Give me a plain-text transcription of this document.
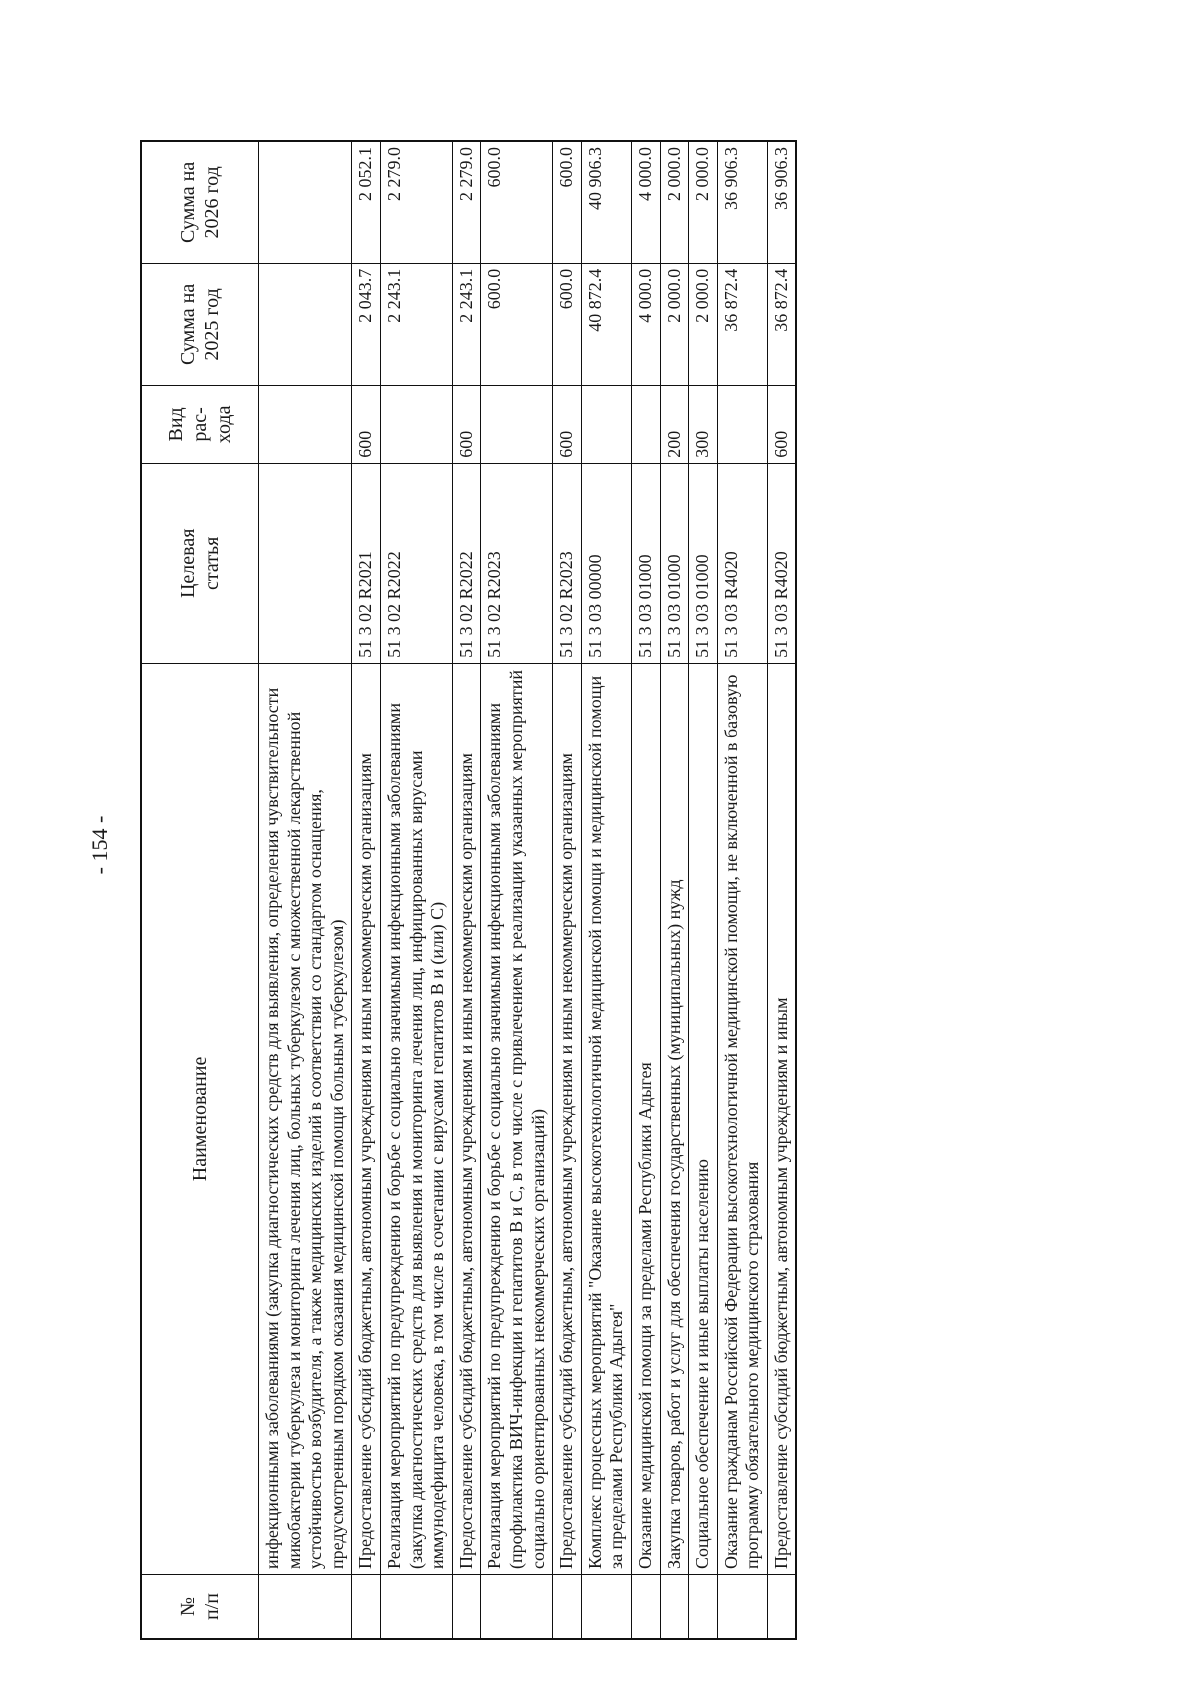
- 154 -
№ п/п	Наименование	Целевая статья	Вид рас- хода	Сумма на 2025 год	Сумма на 2026 год
	инфекционными заболеваниями (закупка диагностических средств для выявления, определения чувствительности микобактерии туберкулеза и мониторинга лечения лиц, больных туберкулезом с множественной лекарственной устойчивостью возбудителя, а также медицинских изделий в соответствии со стандартом оснащения, предусмотренным порядком оказания медицинской помощи больным туберкулезом)				
	Предоставление субсидий бюджетным, автономным учреждениям и иным некоммерческим организациям	51 3 02 R2021	600	2 043.7	2 052.1
	Реализация мероприятий по предупреждению и борьбе с социально значимыми инфекционными заболеваниями (закупка диагностических средств для выявления и мониторинга лечения лиц, инфицированных вирусами иммунодефицита человека, в том числе в сочетании с вирусами гепатитов В и (или) С)	51 3 02 R2022		2 243.1	2 279.0
	Предоставление субсидий бюджетным, автономным учреждениям и иным некоммерческим организациям	51 3 02 R2022	600	2 243.1	2 279.0
	Реализация мероприятий по предупреждению и борьбе с социально значимыми инфекционными заболеваниями (профилактика ВИЧ-инфекции и гепатитов В и С, в том числе с привлечением к реализации указанных мероприятий социально ориентированных некоммерческих организаций)	51 3 02 R2023		600.0	600.0
	Предоставление субсидий бюджетным, автономным учреждениям и иным некоммерческим организациям	51 3 02 R2023	600	600.0	600.0
	Комплекс процессных мероприятий "Оказание высокотехнологичной медицинской помощи и медицинской помощи за пределами Республики Адыгея"	51 3 03 00000		40 872.4	40 906.3
	Оказание медицинской помощи за пределами Республики Адыгея	51 3 03 01000		4 000.0	4 000.0
	Закупка товаров, работ и услуг для обеспечения государственных (муниципальных) нужд	51 3 03 01000	200	2 000.0	2 000.0
	Социальное обеспечение и иные выплаты населению	51 3 03 01000	300	2 000.0	2 000.0
	Оказание гражданам Российской Федерации высокотехнологичной медицинской помощи, не включенной в базовую программу обязательного медицинского страхования	51 3 03 R4020		36 872.4	36 906.3
	Предоставление субсидий бюджетным, автономным учреждениям и иным	51 3 03 R4020	600	36 872.4	36 906.3
